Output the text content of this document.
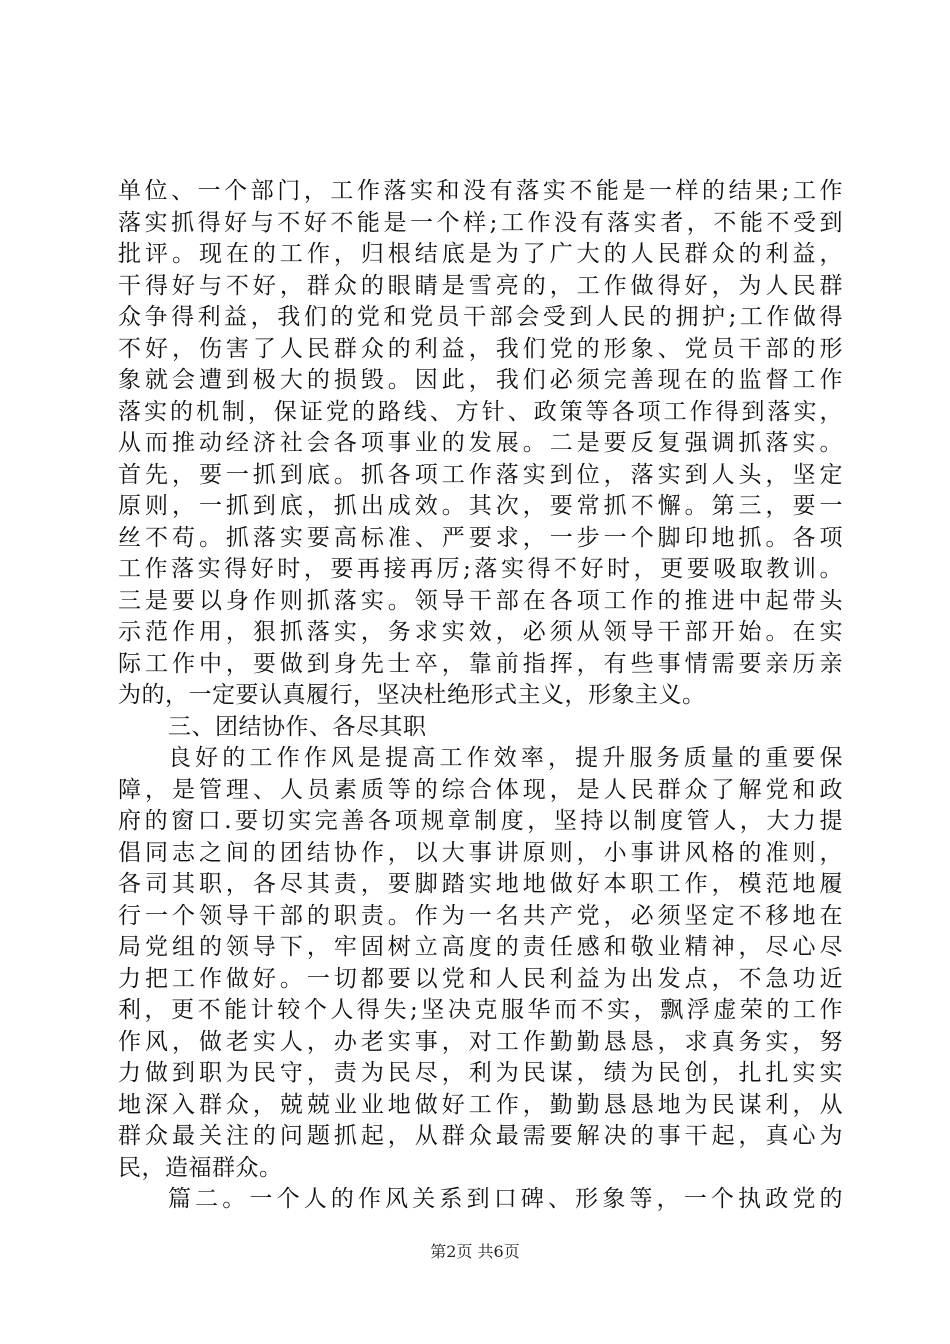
单位、一个部门，工作落实和没有落实不能是一样的结果;工作
落实抓得好与不好不能是一个样;工作没有落实者，不能不受到
批评。现在的工作，归根结底是为了广大的人民群众的利益，
干得好与不好，群众的眼睛是雪亮的，工作做得好，为人民群
众争得利益，我们的党和党员干部会受到人民的拥护;工作做得
不好，伤害了人民群众的利益，我们党的形象、党员干部的形
象就会遭到极大的损毁。因此，我们必须完善现在的监督工作
落实的机制，保证党的路线、方针、政策等各项工作得到落实，
从而推动经济社会各项事业的发展。二是要反复强调抓落实。
首先，要一抓到底。抓各项工作落实到位，落实到人头，坚定
原则，一抓到底，抓出成效。其次，要常抓不懈。第三，要一
丝不苟。抓落实要高标准、严要求，一步一个脚印地抓。各项
工作落实得好时，要再接再厉;落实得不好时，更要吸取教训。
三是要以身作则抓落实。领导干部在各项工作的推进中起带头
示范作用，狠抓落实，务求实效，必须从领导干部开始。在实
际工作中，要做到身先士卒，靠前指挥，有些事情需要亲历亲
为的，一定要认真履行，坚决杜绝形式主义，形象主义。
三、团结协作、各尽其职
良好的工作作风是提高工作效率，提升服务质量的重要保
障，是管理、人员素质等的综合体现，是人民群众了解党和政
府的窗口.要切实完善各项规章制度，坚持以制度管人，大力提
倡同志之间的团结协作，以大事讲原则，小事讲风格的准则，
各司其职，各尽其责，要脚踏实地地做好本职工作，模范地履
行一个领导干部的职责。作为一名共产党，必须坚定不移地在
局党组的领导下，牢固树立高度的责任感和敬业精神，尽心尽
力把工作做好。一切都要以党和人民利益为出发点，不急功近
利，更不能计较个人得失;坚决克服华而不实，飘浮虚荣的工作
作风，做老实人，办老实事，对工作勤勤恳恳，求真务实，努
力做到职为民守，责为民尽，利为民谋，绩为民创，扎扎实实
地深入群众，兢兢业业地做好工作，勤勤恳恳地为民谋利，从
群众最关注的问题抓起，从群众最需要解决的事干起，真心为
民，造福群众。
篇二。一个人的作风关系到口碑、形象等，一个执政党的
第2页 共6页
